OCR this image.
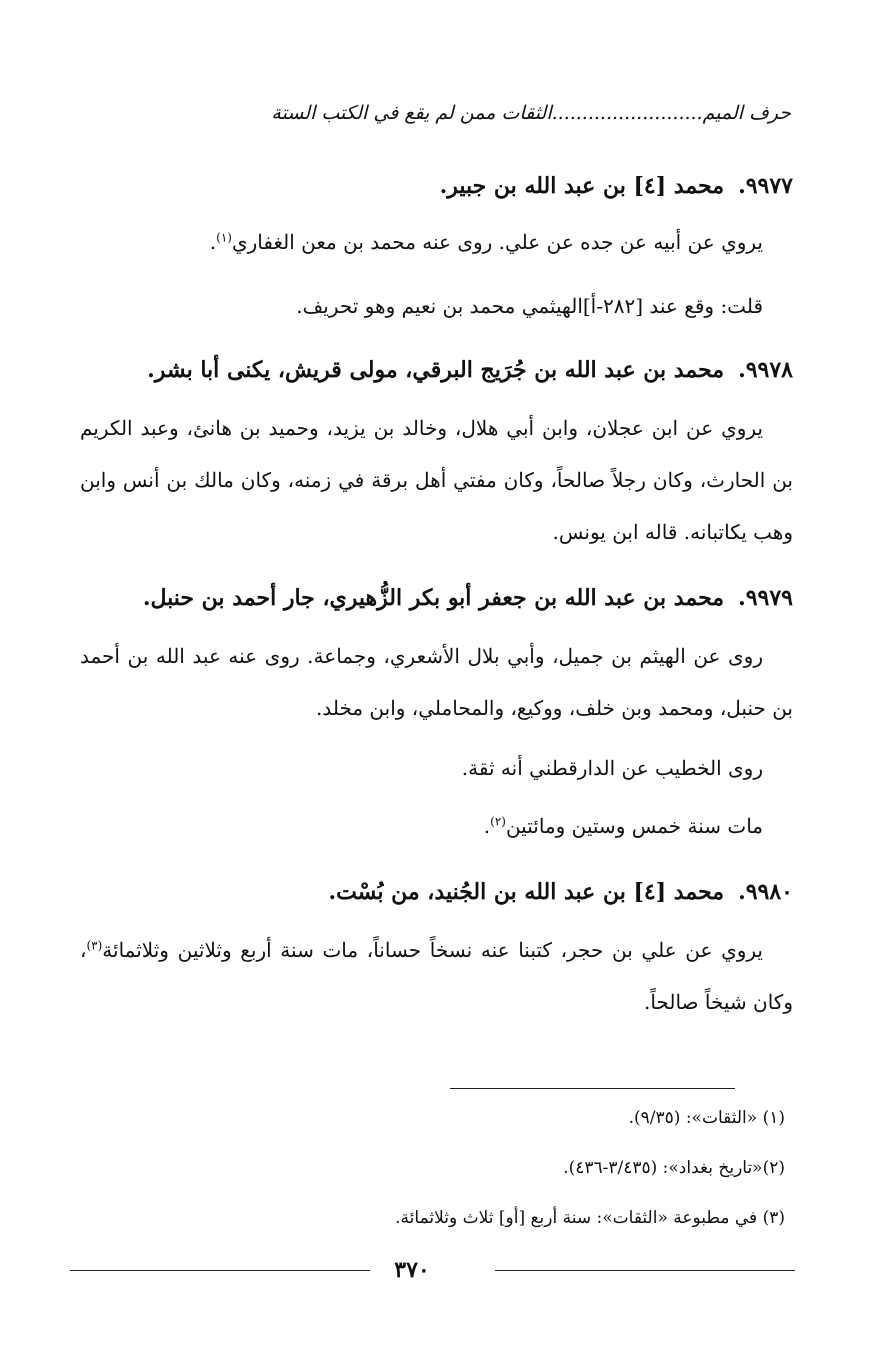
حرف الميم.........................الثقات ممن لم يقع في الكتب الستة
٩٩٧٧.محمد [٤] بن عبد الله بن جبير.

يروي عن أبيه عن جده عن علي. روى عنه محمد بن معن الغفاري$^{(١)}$.

قلت: وقع عند [٢٨٢-أ]الهيثمي محمد بن نعيم وهو تحريف.

٩٩٧٨.محمد بن عبد الله بن جُرَيج البرقي، مولى قريش، يكنى أبا بشر.

يروي عن ابن عجلان، وابن أبي هلال، وخالد بن يزيد، وحميد بن هانئ، وعبد الكريم بن الحارث، وكان رجلاً صالحاً، وكان مفتي أهل برقة في زمنه، وكان مالك بن أنس وابن وهب يكاتبانه. قاله ابن يونس.

٩٩٧٩.محمد بن عبد الله بن جعفر أبو بكر الزُّهيري، جار أحمد بن حنبل.

روى عن الهيثم بن جميل، وأبي بلال الأشعري، وجماعة. روى عنه عبد الله بن أحمد بن حنبل، ومحمد وبن خلف، ووكيع، والمحاملي، وابن مخلد.

روى الخطيب عن الدارقطني أنه ثقة.

مات سنة خمس وستين ومائتين$^{(٢)}$.

٩٩٨٠.محمد [٤] بن عبد الله بن الجُنيد، من بُسْت.

يروي عن علي بن حجر، كتبنا عنه نسخاً حساناً، مات سنة أربع وثلاثين وثلاثمائة$^{(٣)}$، وكان شيخاً صالحاً.

(١) «الثقات»: (٩/٣٥).
(٢)«تاريخ بغداد»: (٣/٤٣٥-٤٣٦).
(٣) في مطبوعة «الثقات»: سنة أربع [أو] ثلاث وثلاثمائة.
٣٧٠
